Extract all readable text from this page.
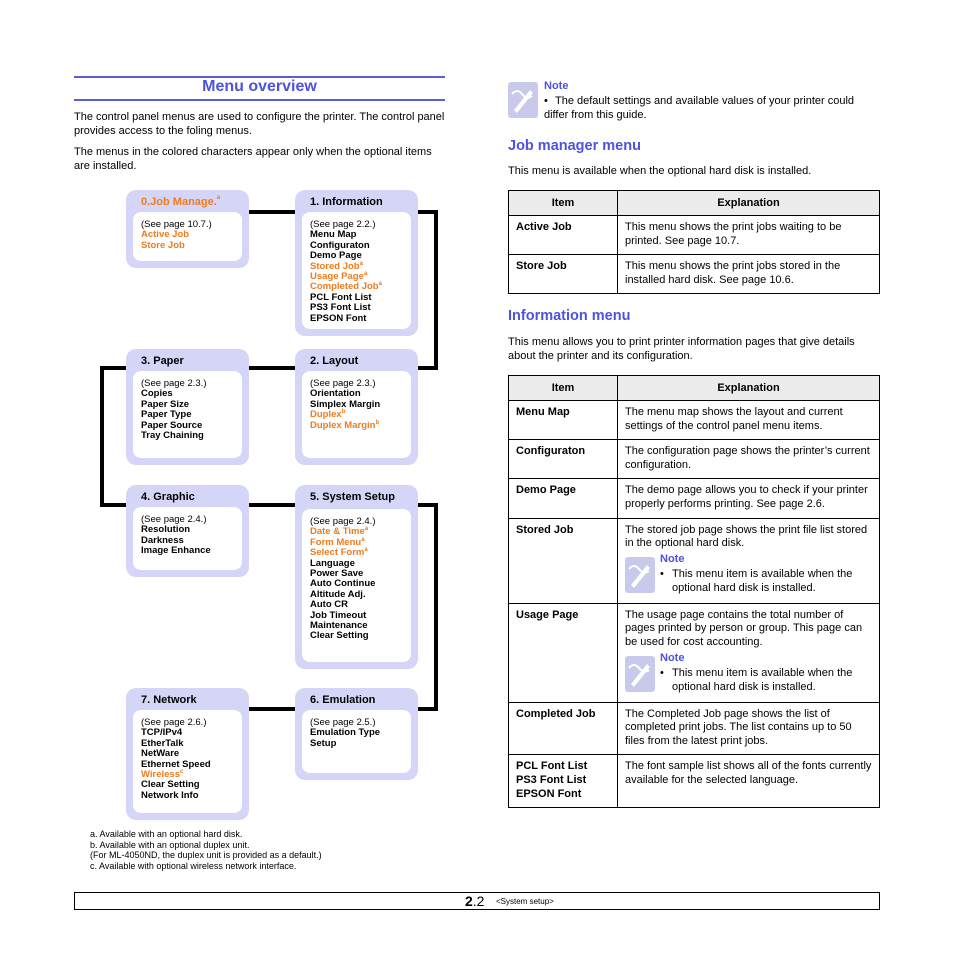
Menu overview
The control panel menus are used to configure the printer. The control panel provides access to the foling menus.
The menus in the colored characters appear only when the optional items are installed.
0.Job Manage.$^a$
(See page 10.7.)
Active Job
Store Job
1. Information
(See page 2.2.)
Menu Map
Configuraton
Demo Page
Stored Job$^a$
Usage Page$^a$
Completed Job$^a$
PCL Font List
PS3 Font List
EPSON Font
3. Paper
(See page 2.3.)
Copies
Paper Size
Paper Type
Paper Source
Tray Chaining
2. Layout
(See page 2.3.)
Orientation
Simplex Margin
Duplex$^b$
Duplex Margin$^b$
4. Graphic
(See page 2.4.)
Resolution
Darkness
Image Enhance
5. System Setup
(See page 2.4.)
Date & Time$^a$
Form Menu$^a$
Select Form$^a$
Language
Power Save
Auto Continue
Altitude Adj.
Auto CR
Job Timeout
Maintenance
Clear Setting
7. Network
(See page 2.6.)
TCP/IPv4
EtherTalk
NetWare
Ethernet Speed
Wireless$^c$
Clear Setting
Network Info
6. Emulation
(See page 2.5.)
Emulation Type
Setup
a. Available with an optional hard disk.
b. Available with an optional duplex unit.
(For ML-4050ND, the duplex unit is provided as a default.)
c. Available with optional wireless network interface.
Note
• The default settings and available values of your printer could differ from this guide.
Job manager menu
This menu is available when the optional hard disk is installed.
Item	Explanation
Active Job	This menu shows the print jobs waiting to be printed. See page 10.7.

Store Job	This menu shows the print jobs stored in the installed hard disk. See page 10.6.
Information menu
This menu allows you to print printer information pages that give details about the printer and its configuration.
Item	Explanation
Menu Map	The menu map shows the layout and current settings of the control panel menu items.

Configuraton	The configuration page shows the printer’s current configuration.

Demo Page	The demo page allows you to check if your printer properly performs printing. See page 2.6.

Stored Job	The stored job page shows the print file list stored in the optional hard disk.
Note
• This menu item is available when the optional hard disk is installed.

Usage Page	The usage page contains the total number of pages printed by person or group. This page can be used for cost accounting.
Note
• This menu item is available when the optional hard disk is installed.

Completed Job	The Completed Job page shows the list of completed print jobs. The list contains up to 50 files from the latest print jobs.

PCL Font List
PS3 Font List
EPSON Font	The font sample list shows all of the fonts currently available for the selected language.
2.2 <System setup>
